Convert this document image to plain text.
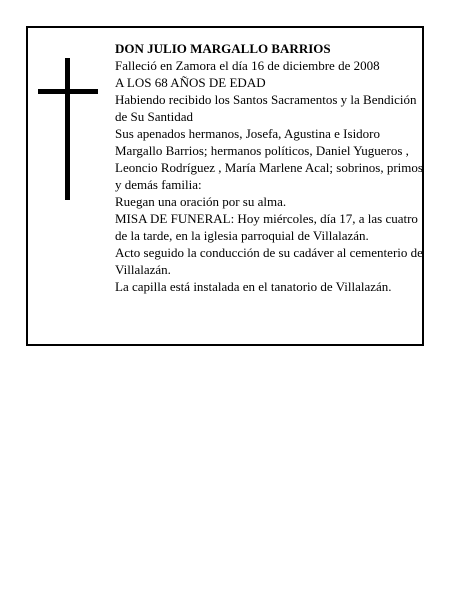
DON JULIO MARGALLO BARRIOS

Falleció en Zamora el día 16 de diciembre de 2008

A LOS 68 AÑOS DE EDAD

Habiendo recibido los Santos Sacramentos y la Bendición de Su Santidad

Sus apenados hermanos, Josefa, Agustina e Isidoro Margallo Barrios; hermanos políticos, Daniel Yugueros , Leoncio Rodríguez , María Marlene Acal; sobrinos, primos y demás familia:

Ruegan una oración por su alma.

MISA DE FUNERAL: Hoy miércoles, día 17, a las cuatro de la tarde, en la iglesia parroquial de Villalazán.

Acto seguido la conducción de su cadáver al cementerio de Villalazán.

La capilla está instalada en el tanatorio de Villalazán.
